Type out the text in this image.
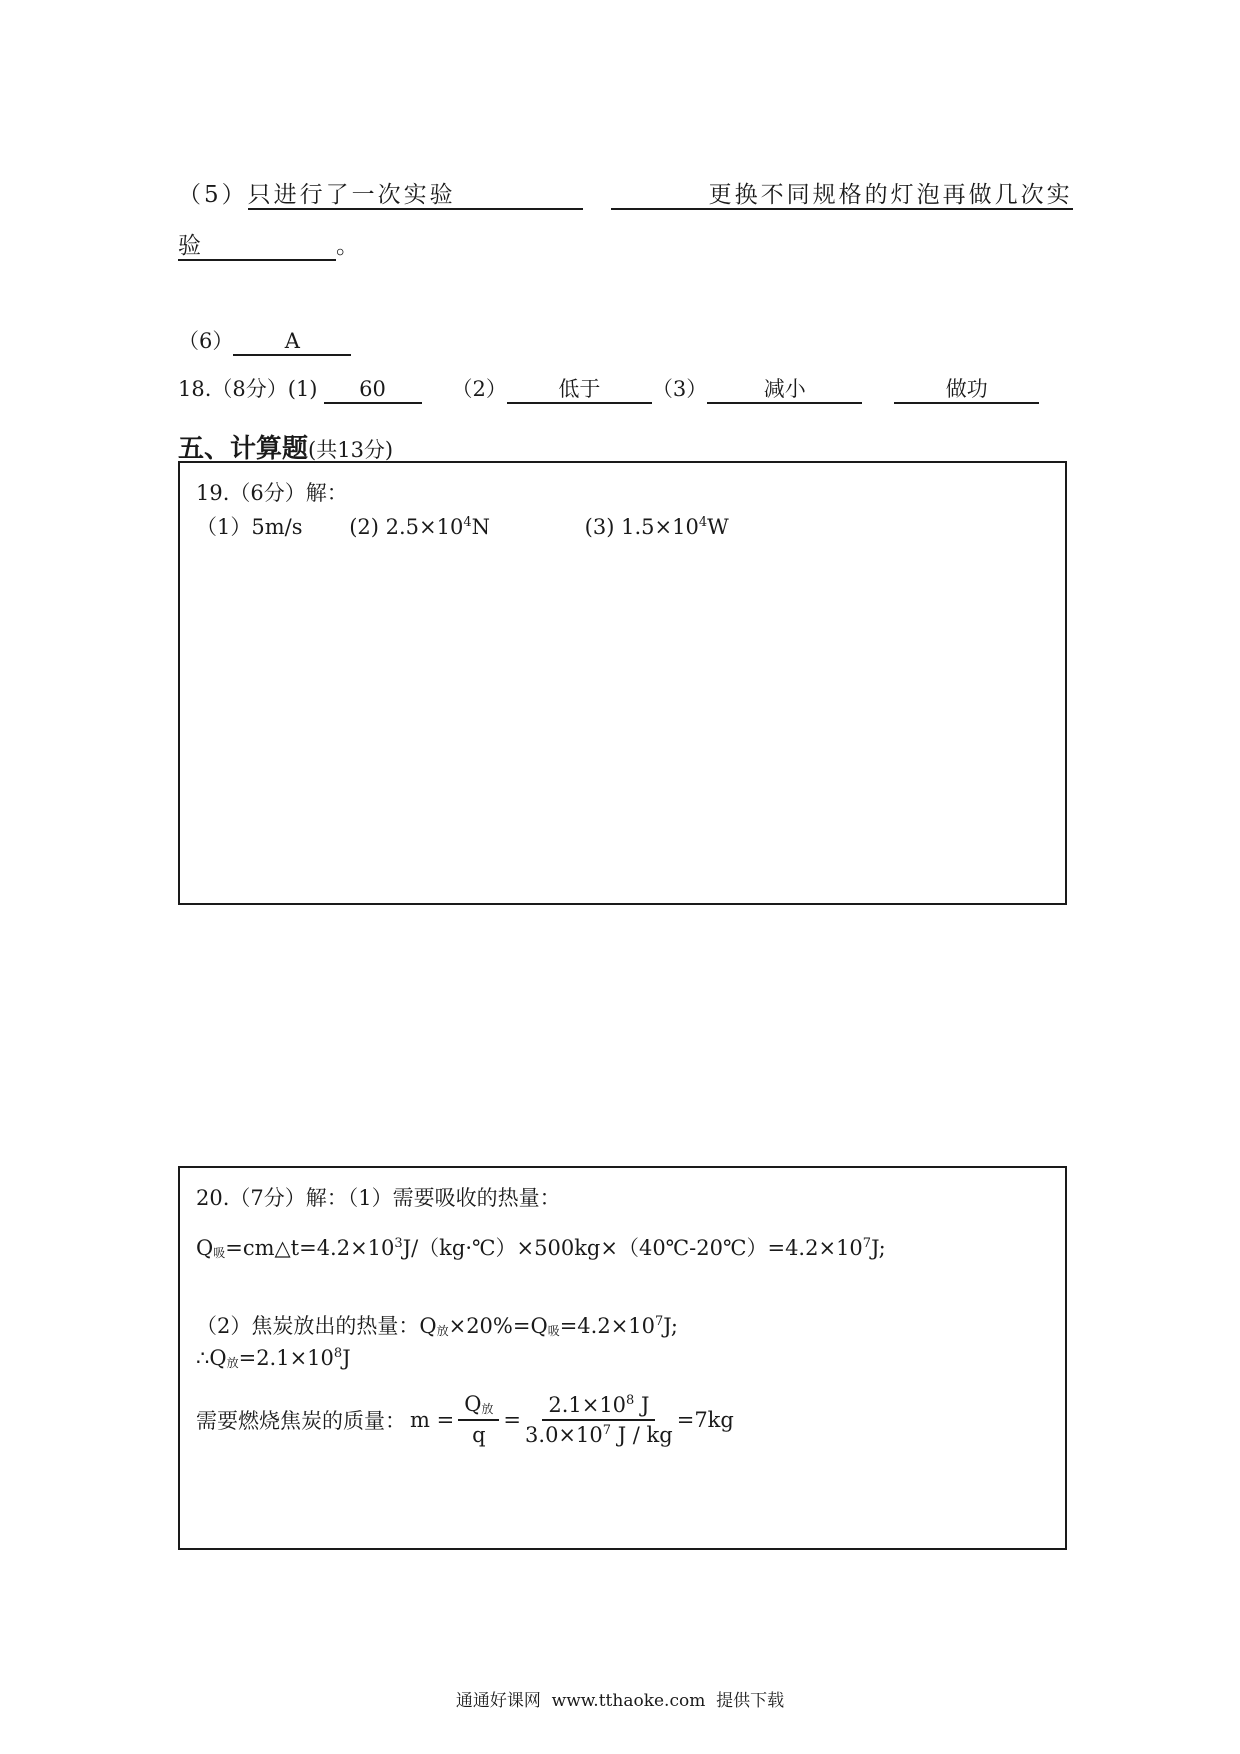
（5）只进行了一次实验	更换不同规格的灯泡再做几次实
验	。
（6） A
18.（8分）(1) 60	（2） 低于 （3）	减小	做功
五、计算题(共13分)
19.（6分）解：
（1）5m/s (2) $2.5\times 10^4N$	(3) $1.5\times 10^4W$
20.（7分）解：（1）需要吸收的热量：
Q吸$=cm\triangle t=4.2\times 10^3J/(kg\cdot℃)\times 500kg\times(40℃-20℃)=4.2\times 10^7J$;
（2）焦炭放出的热量：Q放×20%=Q吸$=4.2\times 10^7J$;
∴Q放$=2.1\times 10^8J$
需要燃烧焦炭的质量： $m = \frac{\text{Q放}}{q} = \frac{2.1\times 10^8 J}{3.0\times 10^7 J / kg} =7kg$
通通好课网  www.tthaoke.com  提供下载
